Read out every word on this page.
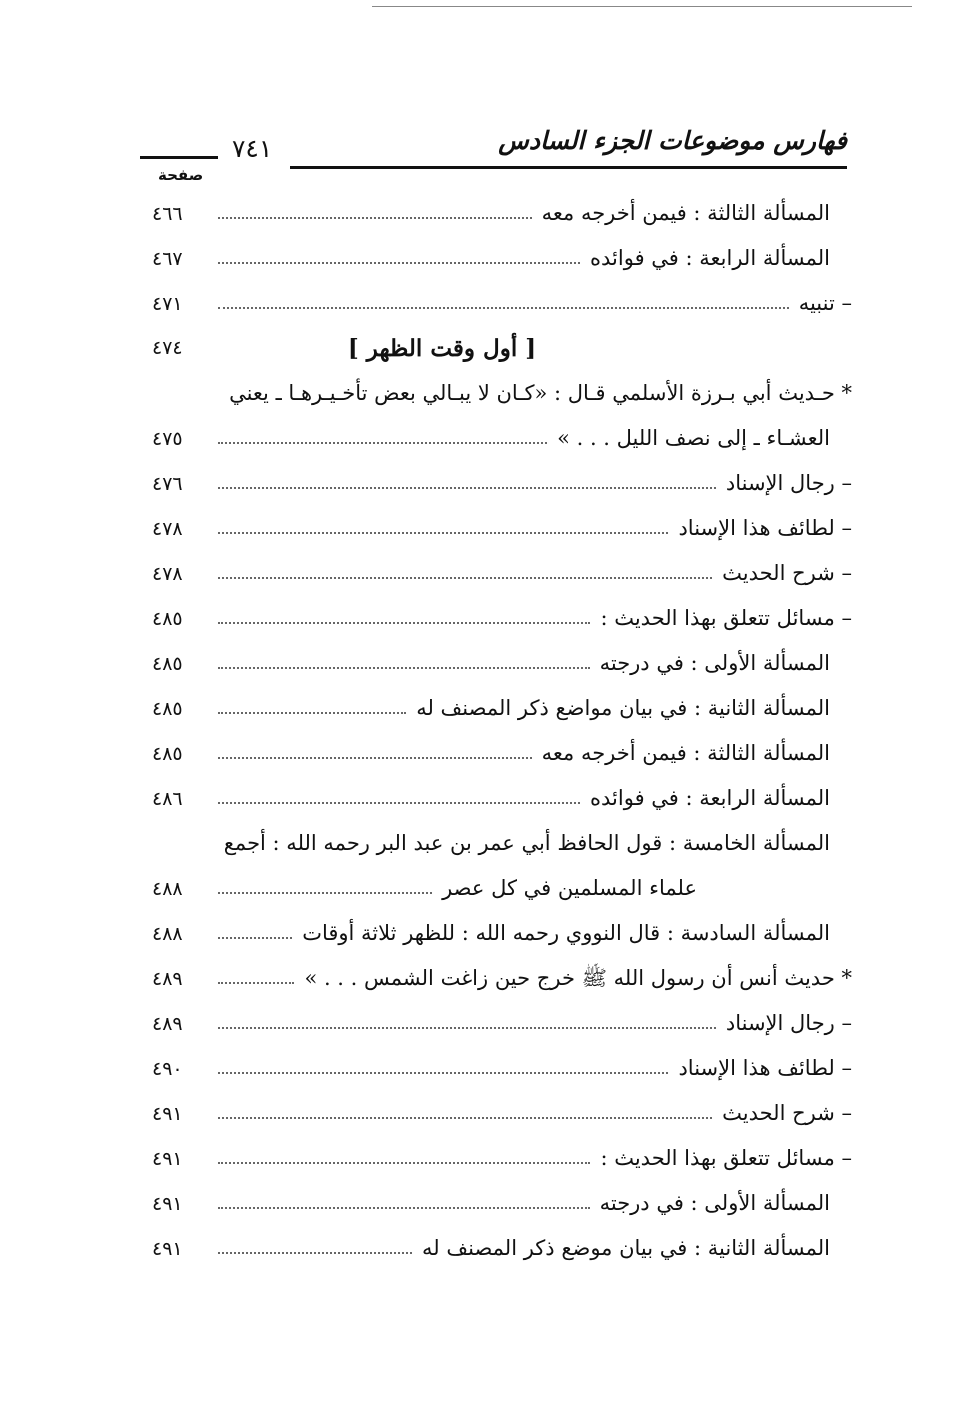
فهارس موضوعات الجزء السادس
٧٤١
صفحة
المسألة الثالثة : فيمن أخرجه معه
٤٦٦
المسألة الرابعة : في فوائده
٤٦٧
– تنبيه
٤٧١
[ أول وقت الظهر ]
٤٧٤
* حـديث أبي بـرزة الأسلمي قـال : «كـان لا يبـالي بعض تأخـيـرهـا ـ يعني
العشـاء ـ إلى نصف الليل . . . »
٤٧٥
– رجال الإسناد
٤٧٦
– لطائف هذا الإسناد
٤٧٨
– شرح الحديث
٤٧٨
– مسائل تتعلق بهذا الحديث :
٤٨٥
المسألة الأولى : في درجته
٤٨٥
المسألة الثانية : في بيان مواضع ذكر المصنف له
٤٨٥
المسألة الثالثة : فيمن أخرجه معه
٤٨٥
المسألة الرابعة : في فوائده
٤٨٦
المسألة الخامسة : قول الحافظ أبي عمر بن عبد البر رحمه الله : أجمع
علماء المسلمين في كل عصر
٤٨٨
المسألة السادسة : قال النووي رحمه الله : للظهر ثلاثة أوقات
٤٨٨
* حديث أنس أن رسول الله ﷺ خرج حين زاغت الشمس . . . »
٤٨٩
– رجال الإسناد
٤٨٩
– لطائف هذا الإسناد
٤٩٠
– شرح الحديث
٤٩١
– مسائل تتعلق بهذا الحديث :
٤٩١
المسألة الأولى : في درجته
٤٩١
المسألة الثانية : في بيان موضع ذكر المصنف له
٤٩١
